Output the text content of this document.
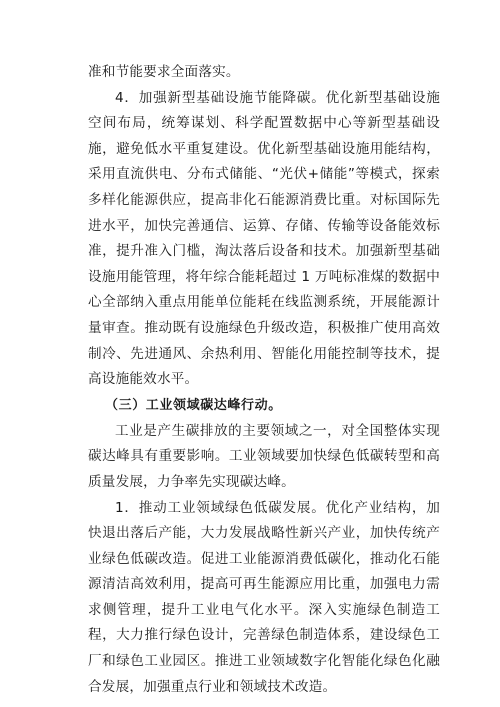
准和节能要求全面落实。

4．加强新型基础设施节能降碳。优化新型基础设施空间布局，统筹谋划、科学配置数据中心等新型基础设施，避免低水平重复建设。优化新型基础设施用能结构，采用直流供电、分布式储能、“光伏+储能”等模式，探索多样化能源供应，提高非化石能源消费比重。对标国际先进水平，加快完善通信、运算、存储、传输等设备能效标准，提升准入门槛，淘汰落后设备和技术。加强新型基础设施用能管理，将年综合能耗超过 1 万吨标准煤的数据中心全部纳入重点用能单位能耗在线监测系统，开展能源计量审查。推动既有设施绿色升级改造，积极推广使用高效制冷、先进通风、余热利用、智能化用能控制等技术，提高设施能效水平。

（三）工业领域碳达峰行动。

工业是产生碳排放的主要领域之一，对全国整体实现碳达峰具有重要影响。工业领域要加快绿色低碳转型和高质量发展，力争率先实现碳达峰。

1．推动工业领域绿色低碳发展。优化产业结构，加快退出落后产能，大力发展战略性新兴产业，加快传统产业绿色低碳改造。促进工业能源消费低碳化，推动化石能源清洁高效利用，提高可再生能源应用比重，加强电力需求侧管理，提升工业电气化水平。深入实施绿色制造工程，大力推行绿色设计，完善绿色制造体系，建设绿色工厂和绿色工业园区。推进工业领域数字化智能化绿色化融合发展，加强重点行业和领域技术改造。
